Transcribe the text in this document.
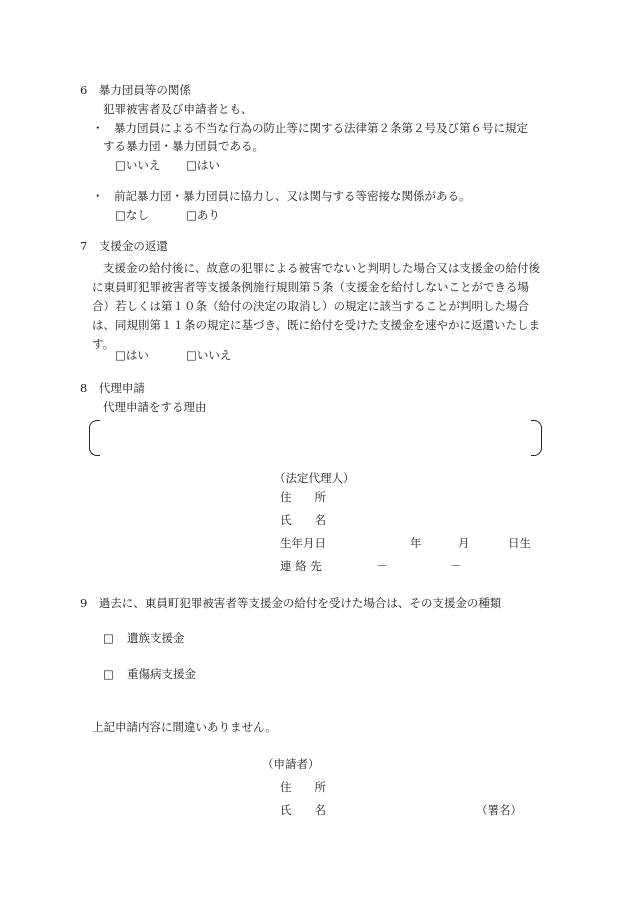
6　暴力団員等の関係
犯罪被害者及び申請者とも、
・ 暴力団員による不当な行為の防止等に関する法律第２条第２号及び第６号に規定
する暴力団・暴力団員である。
□いいえ □はい
・ 前記暴力団・暴力団員に協力し、又は関与する等密接な関係がある。
□なし	□あり
7　支援金の返還
支援金の給付後に、故意の犯罪による被害でないと判明した場合又は支援金の給付後に東員町犯罪被害者等支援条例施行規則第５条（支援金を給付しないことができる場合）若しくは第１０条（給付の決定の取消し）の規定に該当することが判明した場合は、同規則第１１条の規定に基づき、既に給付を受けた支援金を速やかに返還いたします。
□はい	□いいえ
8　代理申請
代理申請をする理由
（法定代理人）
住　　所
氏　　名
生年月日	年	月	日生
連 絡 先	－	－
9　過去に、東員町犯罪被害者等支援金の給付を受けた場合は、その支援金の種類
□ 遺族支援金
□ 重傷病支援金
上記申請内容に間違いありません。
（申請者）
住　　所
氏　　名	（署名）
